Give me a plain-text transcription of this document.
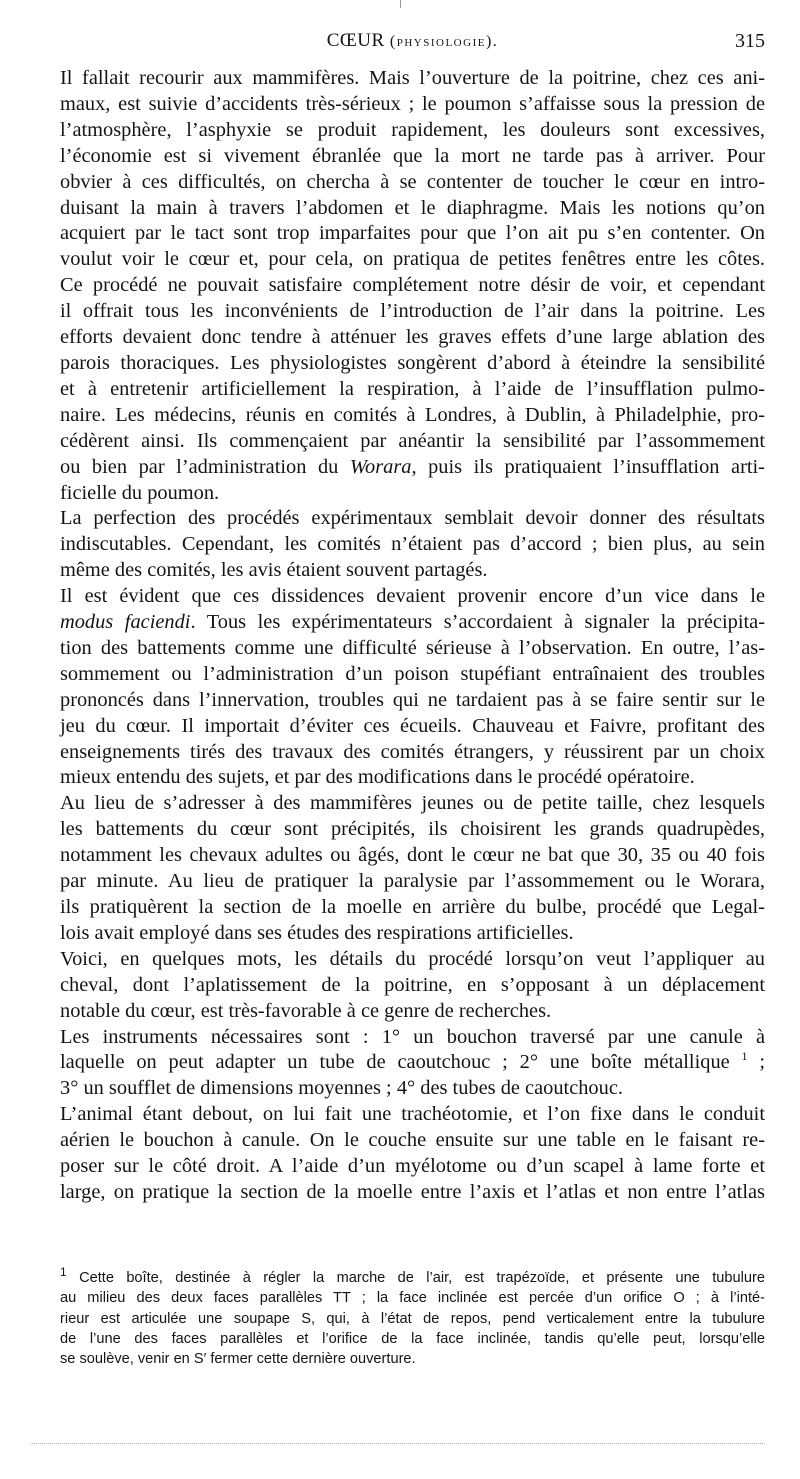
CŒUR (physiologie).	315

Il fallait recourir aux mammifères. Mais l’ouverture de la poitrine, chez ces ani-
maux, est suivie d’accidents très-sérieux ; le poumon s’affaisse sous la pression de
l’atmosphère, l’asphyxie se produit rapidement, les douleurs sont excessives,
l’économie est si vivement ébranlée que la mort ne tarde pas à arriver. Pour
obvier à ces difficultés, on chercha à se contenter de toucher le cœur en intro-
duisant la main à travers l’abdomen et le diaphragme. Mais les notions qu’on
acquiert par le tact sont trop imparfaites pour que l’on ait pu s’en contenter. On
voulut voir le cœur et, pour cela, on pratiqua de petites fenêtres entre les côtes.
Ce procédé ne pouvait satisfaire complétement notre désir de voir, et cependant
il offrait tous les inconvénients de l’introduction de l’air dans la poitrine. Les
efforts devaient donc tendre à atténuer les graves effets d’une large ablation des
parois thoraciques. Les physiologistes songèrent d’abord à éteindre la sensibilité
et à entretenir artificiellement la respiration, à l’aide de l’insufflation pulmo-
naire. Les médecins, réunis en comités à Londres, à Dublin, à Philadelphie, pro-
cédèrent ainsi. Ils commençaient par anéantir la sensibilité par l’assommement
ou bien par l’administration du Worara, puis ils pratiquaient l’insufflation arti-
ficielle du poumon.

La perfection des procédés expérimentaux semblait devoir donner des résultats
indiscutables. Cependant, les comités n’étaient pas d’accord ; bien plus, au sein
même des comités, les avis étaient souvent partagés.

Il est évident que ces dissidences devaient provenir encore d’un vice dans le
modus faciendi. Tous les expérimentateurs s’accordaient à signaler la précipita-
tion des battements comme une difficulté sérieuse à l’observation. En outre, l’as-
sommement ou l’administration d’un poison stupéfiant entraînaient des troubles
prononcés dans l’innervation, troubles qui ne tardaient pas à se faire sentir sur le
jeu du cœur. Il importait d’éviter ces écueils. Chauveau et Faivre, profitant des
enseignements tirés des travaux des comités étrangers, y réussirent par un choix
mieux entendu des sujets, et par des modifications dans le procédé opératoire.

Au lieu de s’adresser à des mammifères jeunes ou de petite taille, chez lesquels
les battements du cœur sont précipités, ils choisirent les grands quadrupèdes,
notamment les chevaux adultes ou âgés, dont le cœur ne bat que 30, 35 ou 40 fois
par minute. Au lieu de pratiquer la paralysie par l’assommement ou le Worara,
ils pratiquèrent la section de la moelle en arrière du bulbe, procédé que Legal-
lois avait employé dans ses études des respirations artificielles.

Voici, en quelques mots, les détails du procédé lorsqu’on veut l’appliquer au
cheval, dont l’aplatissement de la poitrine, en s’opposant à un déplacement
notable du cœur, est très-favorable à ce genre de recherches.

Les instruments nécessaires sont : 1° un bouchon traversé par une canule à
laquelle on peut adapter un tube de caoutchouc ; 2° une boîte métallique $^1$ ;
3° un soufflet de dimensions moyennes ; 4° des tubes de caoutchouc.

L’animal étant debout, on lui fait une trachéotomie, et l’on fixe dans le conduit
aérien le bouchon à canule. On le couche ensuite sur une table en le faisant re-
poser sur le côté droit. A l’aide d’un myélotome ou d’un scapel à lame forte et
large, on pratique la section de la moelle entre l’axis et l’atlas et non entre l’atlas

$^1$ Cette boîte, destinée à régler la marche de l’air, est trapézoïde, et présente une tubulure
au milieu des deux faces parallèles TT ; la face inclinée est percée d’un orifice O ; à l’inté-
rieur est articulée une soupape S, qui, à l’état de repos, pend verticalement entre la tubulure
de l’une des faces parallèles et l’orifice de la face inclinée, tandis qu’elle peut, lorsqu’elle
se soulève, venir en S′ fermer cette dernière ouverture.
